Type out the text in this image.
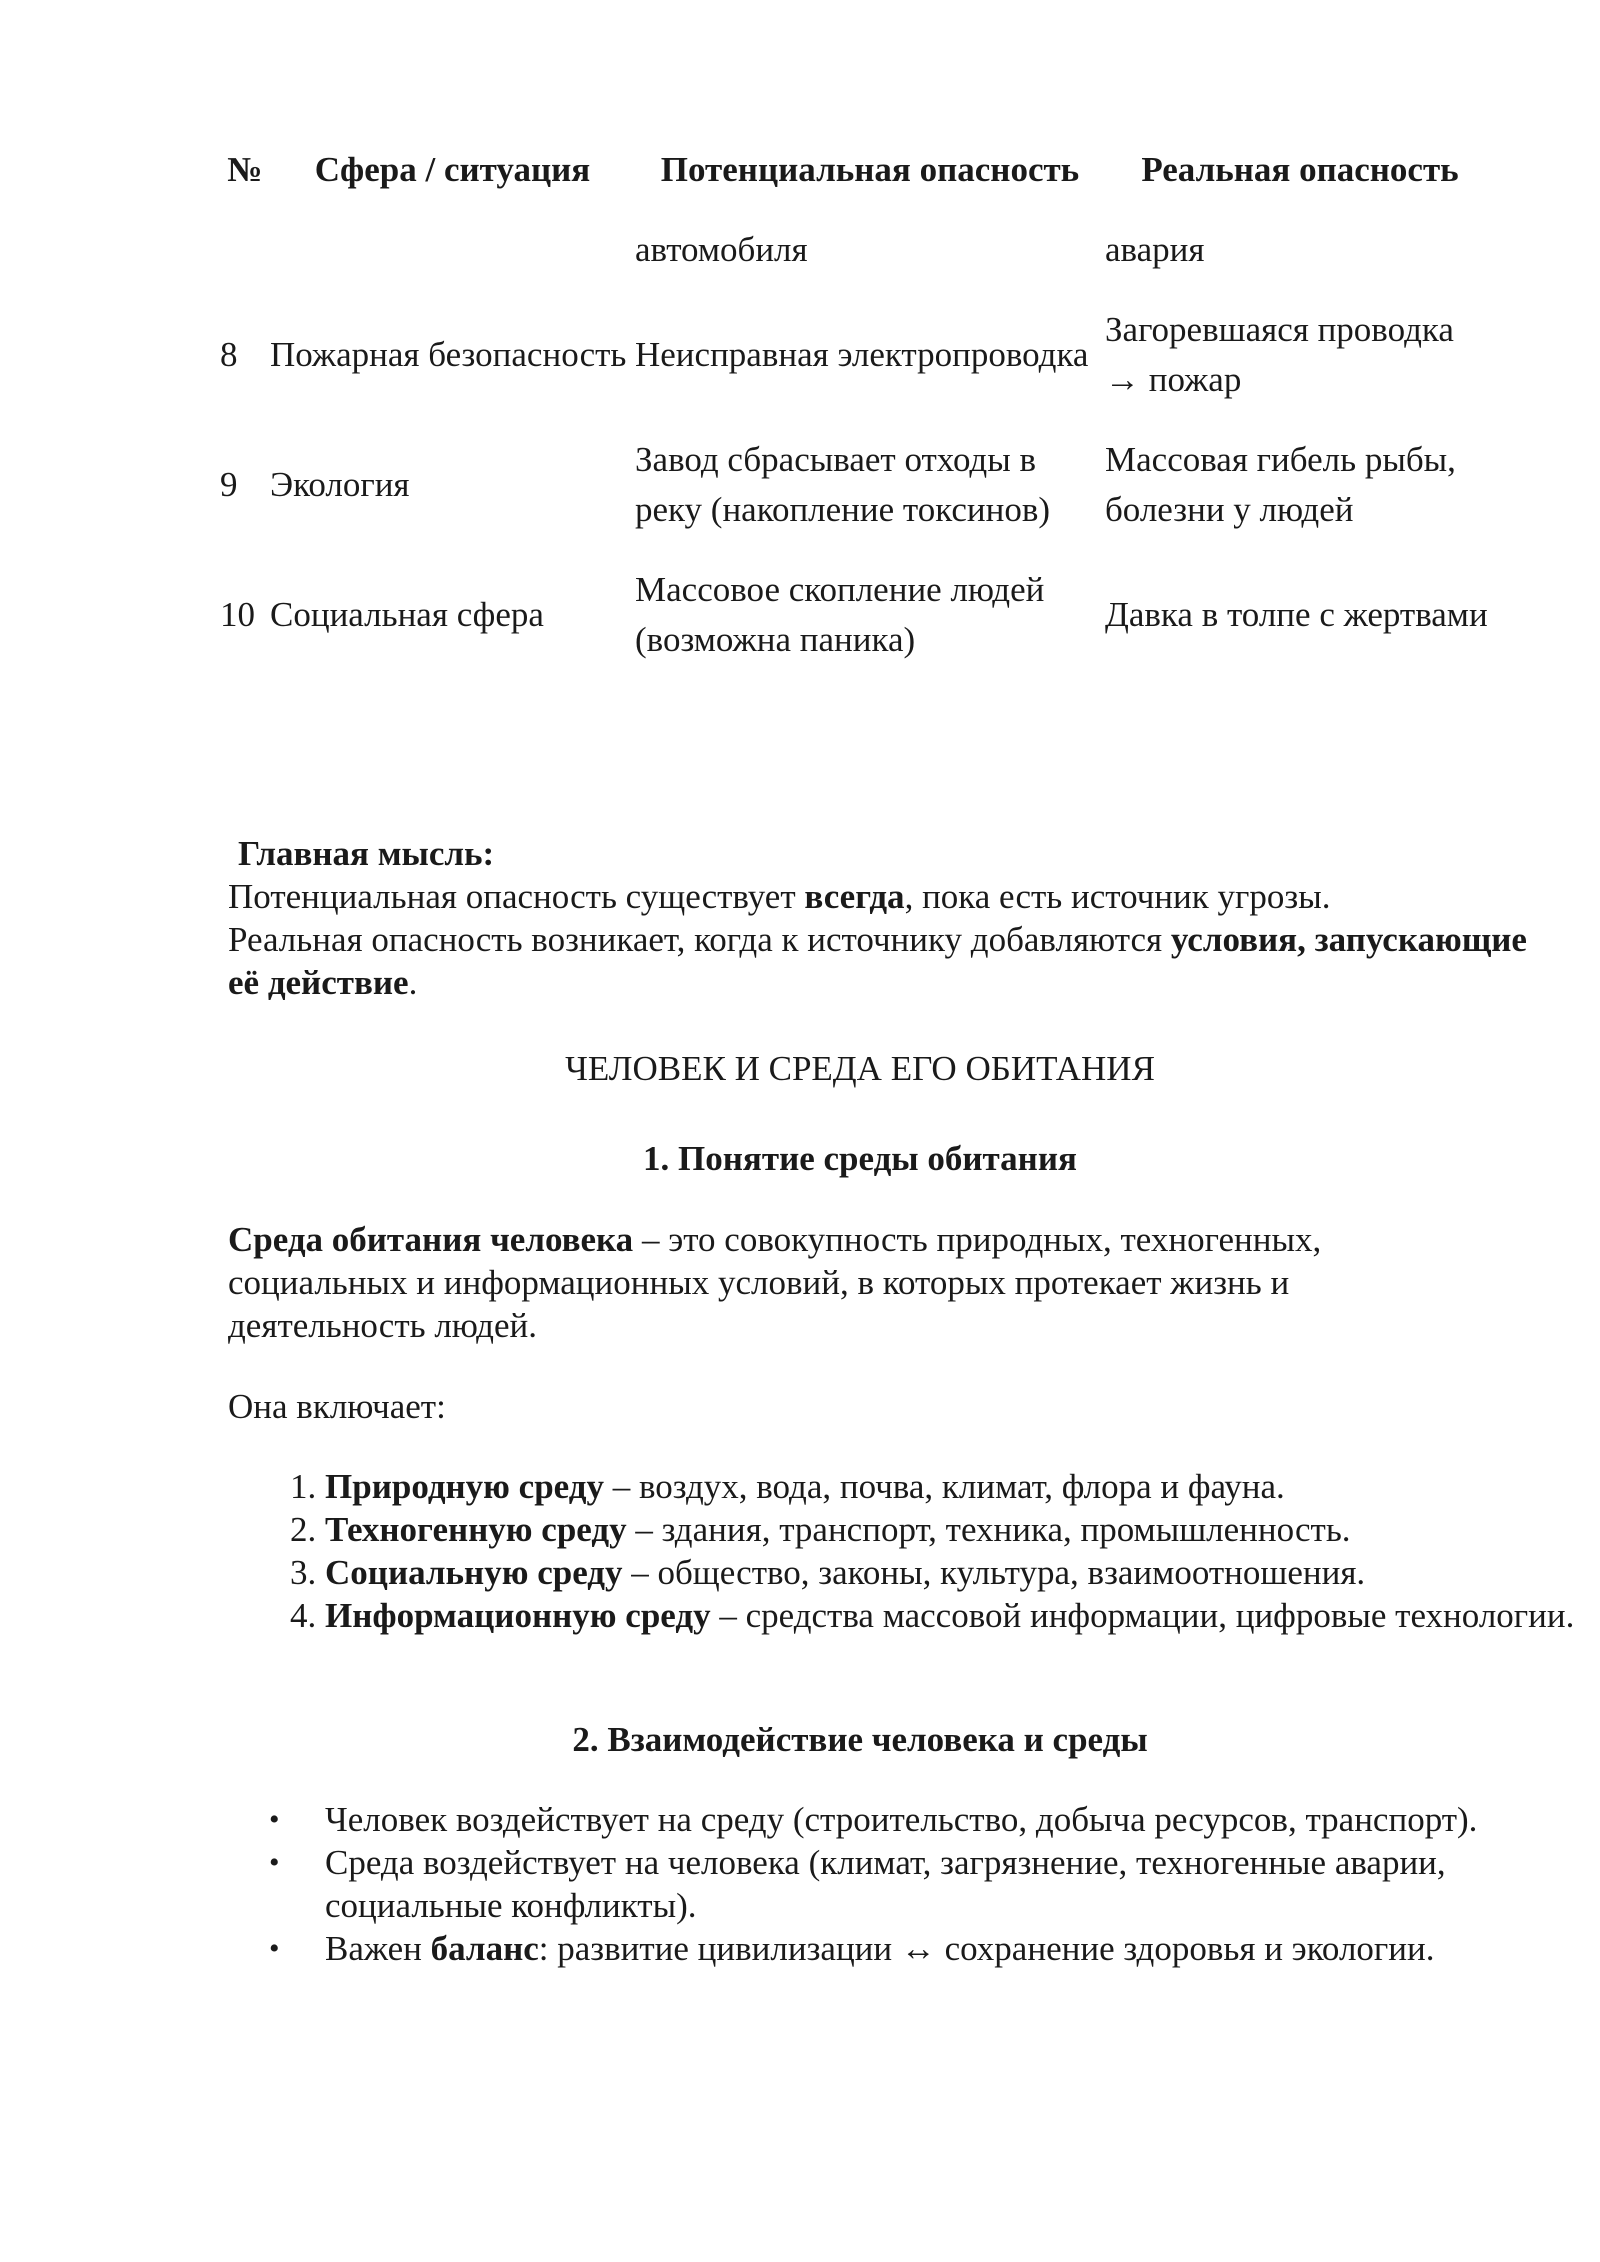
№	Сфера / ситуация	Потенциальная опасность	Реальная опасность
		автомобиля	авария
8	Пожарная безопасность	Неисправная электропроводка	Загоревшаяся проводка → пожар
9	Экология	Завод сбрасывает отходы в реку (накопление токсинов)	Массовая гибель рыбы, болезни у людей
10	Социальная сфера	Массовое скопление людей (возможна паника)	Давка в толпе с жертвами
Главная мысль:
Потенциальная опасность существует всегда, пока есть источник угрозы.
Реальная опасность возникает, когда к источнику добавляются условия, запускающие её действие.
ЧЕЛОВЕК И СРЕДА ЕГО ОБИТАНИЯ
1. Понятие среды обитания
Среда обитания человека – это совокупность природных, техногенных, социальных и информационных условий, в которых протекает жизнь и деятельность людей.
Она включает:
1. Природную среду – воздух, вода, почва, климат, флора и фауна.
2. Техногенную среду – здания, транспорт, техника, промышленность.
3. Социальную среду – общество, законы, культура, взаимоотношения.
4. Информационную среду – средства массовой информации, цифровые технологии.
2. Взаимодействие человека и среды
• Человек воздействует на среду (строительство, добыча ресурсов, транспорт).
• Среда воздействует на человека (климат, загрязнение, техногенные аварии, социальные конфликты).
• Важен баланс: развитие цивилизации ↔ сохранение здоровья и экологии.
